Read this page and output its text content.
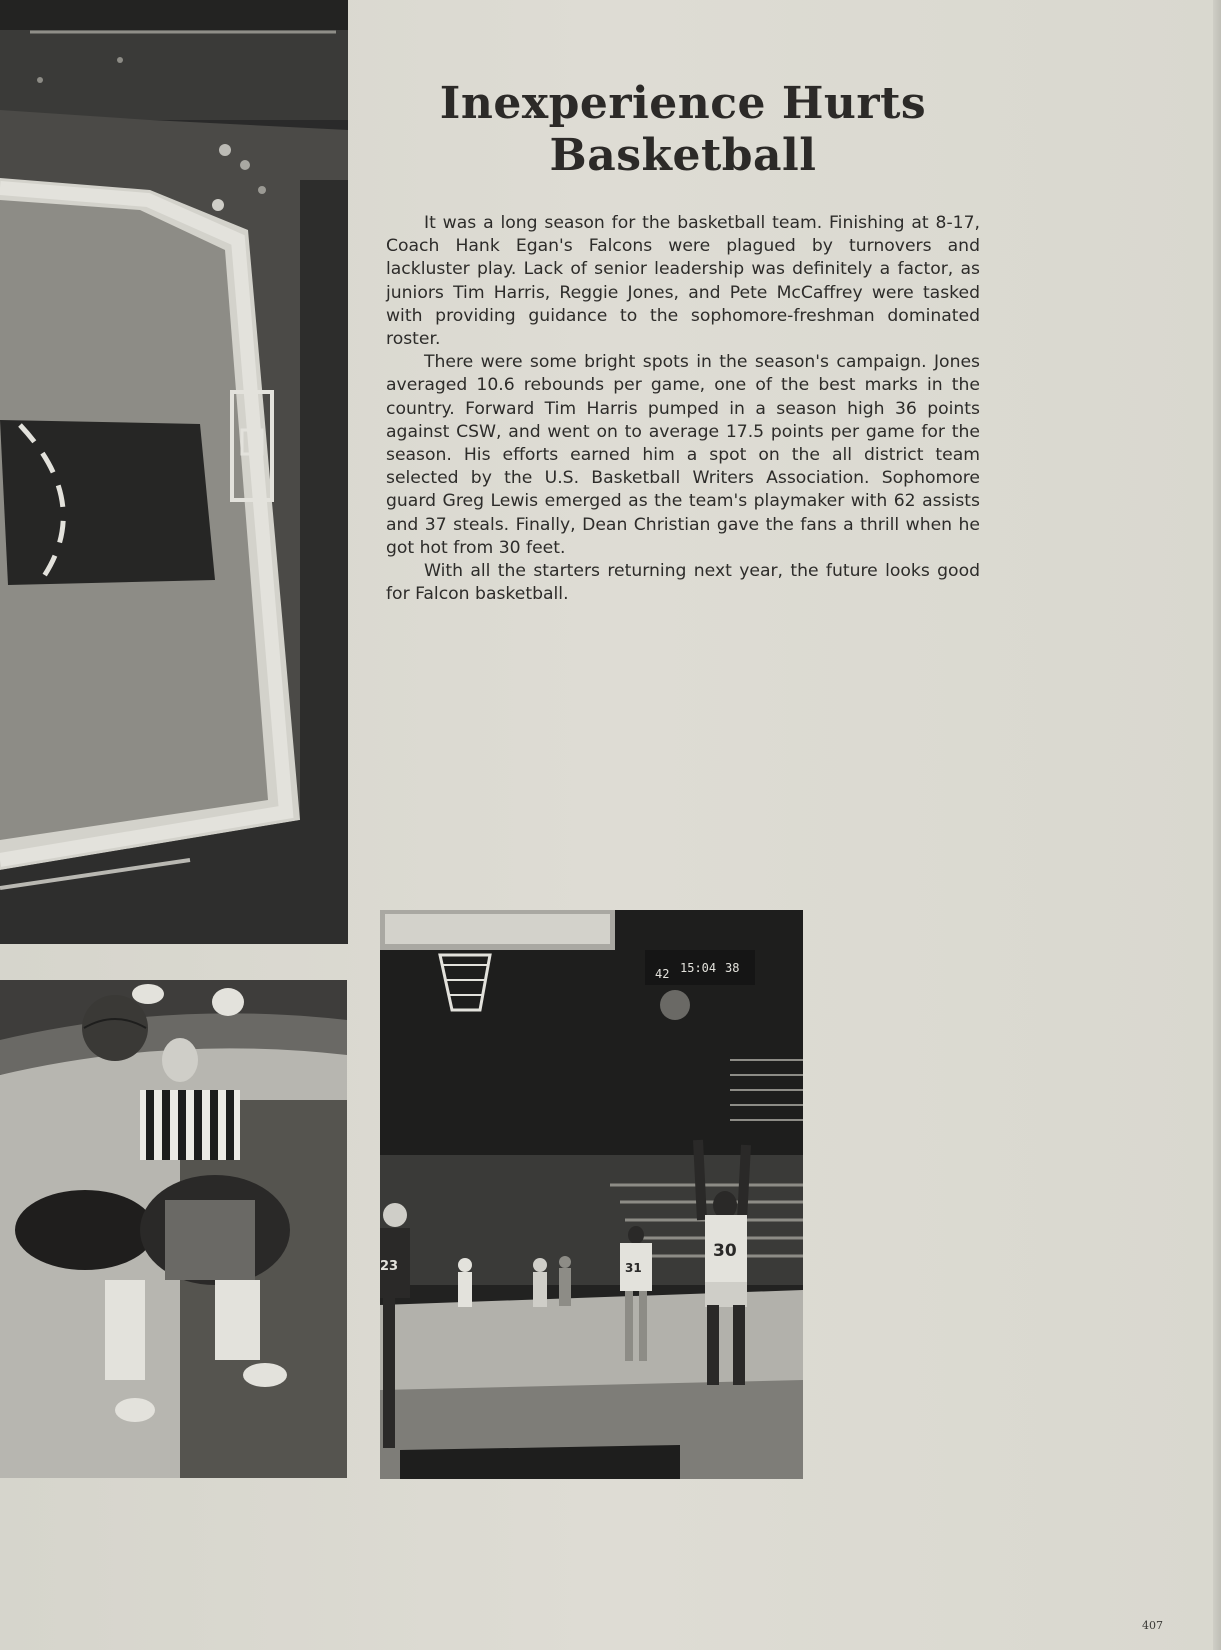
42 15:04 38
30
31
23
Inexperience Hurts
Basketball

It was a long season for the basketball team. Finishing at 8-17, Coach Hank Egan's Falcons were plagued by turnovers and lackluster play. Lack of senior leadership was definitely a factor, as juniors Tim Harris, Reggie Jones, and Pete McCaffrey were tasked with providing guidance to the sophomore-freshman dominated roster.

There were some bright spots in the season's campaign. Jones averaged 10.6 rebounds per game, one of the best marks in the country. Forward Tim Harris pumped in a season high 36 points against CSW, and went on to average 17.5 points per game for the season. His efforts earned him a spot on the all district team selected by the U.S. Basketball Writers Association. Sophomore guard Greg Lewis emerged as the team's playmaker with 62 assists and 37 steals. Finally, Dean Christian gave the fans a thrill when he got hot from 30 feet.

With all the starters returning next year, the future looks good for Falcon basketball.

407
